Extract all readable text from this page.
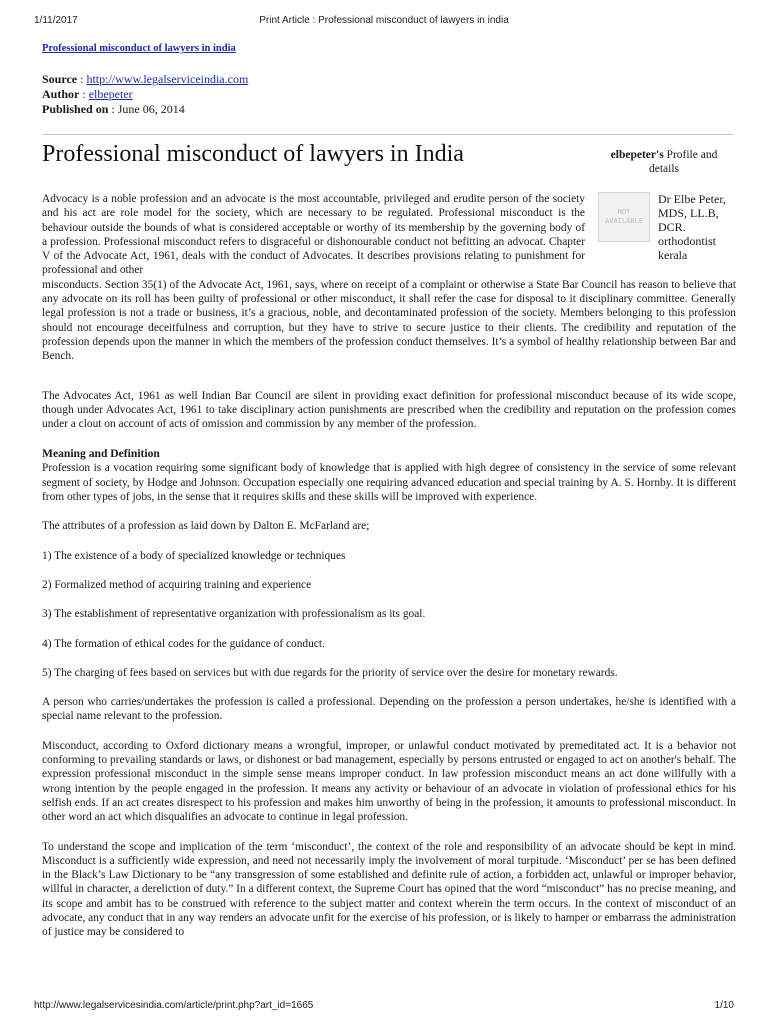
1/11/2017	Print Article : Professional misconduct of lawyers in india
Professional misconduct of lawyers in india
Source : http://www.legalserviceindia.com
Author : elbepeter
Published on : June 06, 2014
Professional misconduct of lawyers in India	elbepeter's Profile and details
NOT AVAILABLE
Dr Elbe Peter, MDS, LL.B, DCR. orthodontist kerala

Advocacy is a noble profession and an advocate is the most accountable, privileged and erudite person of the society and his act are role model for the society, which are necessary to be regulated. Professional misconduct is the behaviour outside the bounds of what is considered acceptable or worthy of its membership by the governing body of a profession. Professional misconduct refers to disgraceful or dishonourable conduct not befitting an advocat. Chapter V of the Advocate Act, 1961, deals with the conduct of Advocates. It describes provisions relating to punishment for professional and other

misconducts. Section 35(1) of the Advocate Act, 1961, says, where on receipt of a complaint or otherwise a State Bar Council has reason to believe that any advocate on its roll has been guilty of professional or other misconduct, it shall refer the case for disposal to it disciplinary committee. Generally legal profession is not a trade or business, it’s a gracious, noble, and decontaminated profession of the society. Members belonging to this profession should not encourage deceitfulness and corruption, but they have to strive to secure justice to their clients. The credibility and reputation of the profession depends upon the manner in which the members of the profession conduct themselves. It’s a symbol of healthy relationship between Bar and Bench.

The Advocates Act, 1961 as well Indian Bar Council are silent in providing exact definition for professional misconduct because of its wide scope, though under Advocates Act, 1961 to take disciplinary action punishments are prescribed when the credibility and reputation on the profession comes under a clout on account of acts of omission and commission by any member of the profession.

Meaning and Definition

Profession is a vocation requiring some significant body of knowledge that is applied with high degree of consistency in the service of some relevant segment of society, by Hodge and Johnson. Occupation especially one requiring advanced education and special training by A. S. Hornby. It is different from other types of jobs, in the sense that it requires skills and these skills will be improved with experience.

The attributes of a profession as laid down by Dalton E. McFarland are;

1) The existence of a body of specialized knowledge or techniques

2) Formalized method of acquiring training and experience

3) The establishment of representative organization with professionalism as its goal.

4) The formation of ethical codes for the guidance of conduct.

5) The charging of fees based on services but with due regards for the priority of service over the desire for monetary rewards.

A person who carries/undertakes the profession is called a professional. Depending on the profession a person undertakes, he/she is identified with a special name relevant to the profession.

Misconduct, according to Oxford dictionary means a wrongful, improper, or unlawful conduct motivated by premeditated act. It is a behavior not conforming to prevailing standards or laws, or dishonest or bad management, especially by persons entrusted or engaged to act on another's behalf. The expression professional misconduct in the simple sense means improper conduct. In law profession misconduct means an act done willfully with a wrong intention by the people engaged in the profession. It means any activity or behaviour of an advocate in violation of professional ethics for his selfish ends. If an act creates disrespect to his profession and makes him unworthy of being in the profession, it amounts to professional misconduct. In other word an act which disqualifies an advocate to continue in legal profession.

To understand the scope and implication of the term ‘misconduct’, the context of the role and responsibility of an advocate should be kept in mind. Misconduct is a sufficiently wide expression, and need not necessarily imply the involvement of moral turpitude. ‘Misconduct’ per se has been defined in the Black’s Law Dictionary to be “any transgression of some established and definite rule of action, a forbidden act, unlawful or improper behavior, willful in character, a dereliction of duty.” In a different context, the Supreme Court has opined that the word “misconduct” has no precise meaning, and its scope and ambit has to be construed with reference to the subject matter and context wherein the term occurs. In the context of misconduct of an advocate, any conduct that in any way renders an advocate unfit for the exercise of his profession, or is likely to hamper or embarrass the administration of justice may be considered to

http://www.legalservicesindia.com/article/print.php?art_id=1665	1/10
